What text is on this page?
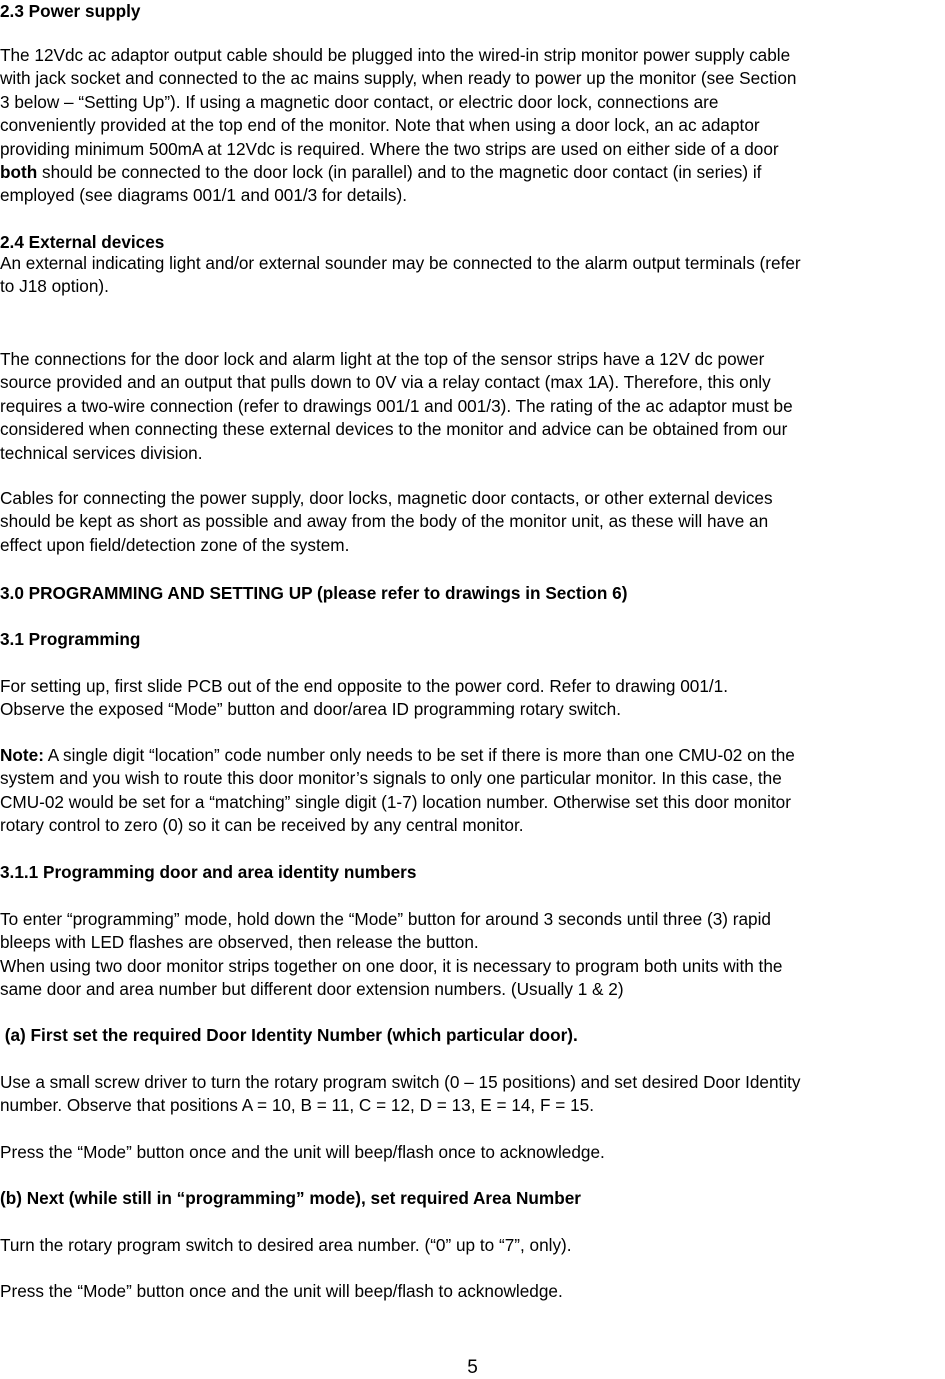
2.3 Power supply
The 12Vdc ac adaptor output cable should be plugged into the wired-in strip monitor power supply cable
with jack socket and connected to the ac mains supply, when ready to power up the monitor (see Section
3 below – “Setting Up”). If using a magnetic door contact, or electric door lock, connections are
conveniently provided at the top end of the monitor. Note that when using a door lock, an ac adaptor
providing minimum 500mA at 12Vdc is required. Where the two strips are used on either side of a door
both should be connected to the door lock (in parallel) and to the magnetic door contact (in series) if
employed (see diagrams 001/1 and 001/3 for details).
2.4 External devices
An external indicating light and/or external sounder may be connected to the alarm output terminals (refer
to J18 option).
The connections for the door lock and alarm light at the top of the sensor strips have a 12V dc power
source provided and an output that pulls down to 0V via a relay contact (max 1A). Therefore, this only
requires a two-wire connection (refer to drawings 001/1 and 001/3). The rating of the ac adaptor must be
considered when connecting these external devices to the monitor and advice can be obtained from our
technical services division.
Cables for connecting the power supply, door locks, magnetic door contacts, or other external devices
should be kept as short as possible and away from the body of the monitor unit, as these will have an
effect upon field/detection zone of the system.
3.0 PROGRAMMING AND SETTING UP (please refer to drawings in Section 6)
3.1 Programming
For setting up, first slide PCB out of the end opposite to the power cord. Refer to drawing 001/1.
Observe the exposed “Mode” button and door/area ID programming rotary switch.
Note: A single digit “location” code number only needs to be set if there is more than one CMU-02 on the
system and you wish to route this door monitor’s signals to only one particular monitor. In this case, the
CMU-02 would be set for a “matching” single digit (1-7) location number. Otherwise set this door monitor
rotary control to zero (0) so it can be received by any central monitor.
3.1.1 Programming door and area identity numbers
To enter “programming” mode, hold down the “Mode” button for around 3 seconds until three (3) rapid
bleeps with LED flashes are observed, then release the button.
When using two door monitor strips together on one door, it is necessary to program both units with the
same door and area number but different door extension numbers. (Usually 1 & 2)
(a) First set the required Door Identity Number (which particular door).
Use a small screw driver to turn the rotary program switch (0 – 15 positions) and set desired Door Identity
number. Observe that positions A = 10, B = 11, C = 12, D = 13, E = 14, F = 15.
Press the “Mode” button once and the unit will beep/flash once to acknowledge.
(b) Next (while still in “programming” mode), set required Area Number
Turn the rotary program switch to desired area number. (“0” up to “7”, only).
Press the “Mode” button once and the unit will beep/flash to acknowledge.
5
